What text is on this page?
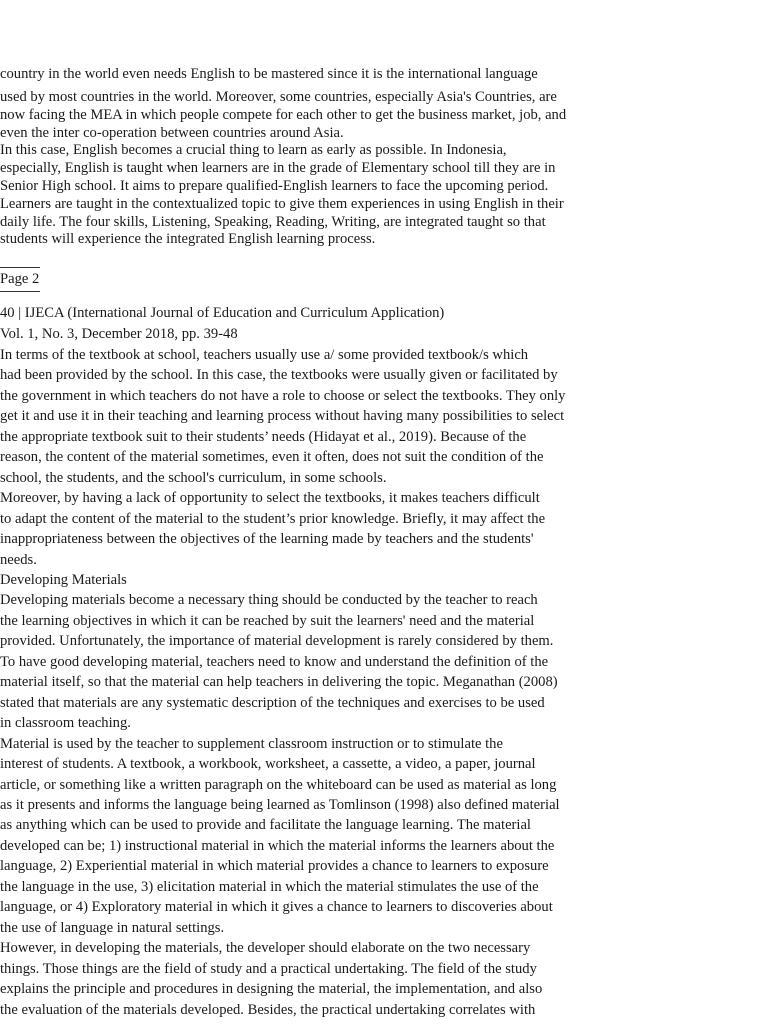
country in the world even needs English to be mastered since it is the international language

used by most countries in the world. Moreover, some countries, especially Asia's Countries, are
now facing the MEA in which people compete for each other to get the business market, job, and
even the inter co-operation between countries around Asia.

In this case, English becomes a crucial thing to learn as early as possible. In Indonesia,
especially, English is taught when learners are in the grade of Elementary school till they are in
Senior High school. It aims to prepare qualified-English learners to face the upcoming period.
Learners are taught in the contextualized topic to give them experiences in using English in their
daily life. The four skills, Listening, Speaking, Reading, Writing, are integrated taught so that
students will experience the integrated English learning process.

Page 2
40 | IJECA (International Journal of Education and Curriculum Application)
Vol. 1, No. 3, December 2018, pp. 39-48

In terms of the textbook at school, teachers usually use a/ some provided textbook/s which
had been provided by the school. In this case, the textbooks were usually given or facilitated by
the government in which teachers do not have a role to choose or select the textbooks. They only
get it and use it in their teaching and learning process without having many possibilities to select
the appropriate textbook suit to their students’ needs (Hidayat et al., 2019). Because of the
reason, the content of the material sometimes, even it often, does not suit the condition of the
school, the students, and the school's curriculum, in some schools.

Moreover, by having a lack of opportunity to select the textbooks, it makes teachers difficult
to adapt the content of the material to the student’s prior knowledge. Briefly, it may affect the
inappropriateness between the objectives of the learning made by teachers and the students'
needs.

Developing Materials

Developing materials become a necessary thing should be conducted by the teacher to reach
the learning objectives in which it can be reached by suit the learners' need and the material
provided. Unfortunately, the importance of material development is rarely considered by them.
To have good developing material, teachers need to know and understand the definition of the
material itself, so that the material can help teachers in delivering the topic. Meganathan (2008)
stated that materials are any systematic description of the techniques and exercises to be used
in classroom teaching.

Material is used by the teacher to supplement classroom instruction or to stimulate the
interest of students. A textbook, a workbook, worksheet, a cassette, a video, a paper, journal
article, or something like a written paragraph on the whiteboard can be used as material as long
as it presents and informs the language being learned as Tomlinson (1998) also defined material
as anything which can be used to provide and facilitate the language learning. The material
developed can be; 1) instructional material in which the material informs the learners about the
language, 2) Experiential material in which material provides a chance to learners to exposure
the language in the use, 3) elicitation material in which the material stimulates the use of the
language, or 4) Exploratory material in which it gives a chance to learners to discoveries about
the use of language in natural settings.

However, in developing the materials, the developer should elaborate on the two necessary
things. Those things are the field of study and a practical undertaking. The field of the study
explains the principle and procedures in designing the material, the implementation, and also
the evaluation of the materials developed. Besides, the practical undertaking correlates with
